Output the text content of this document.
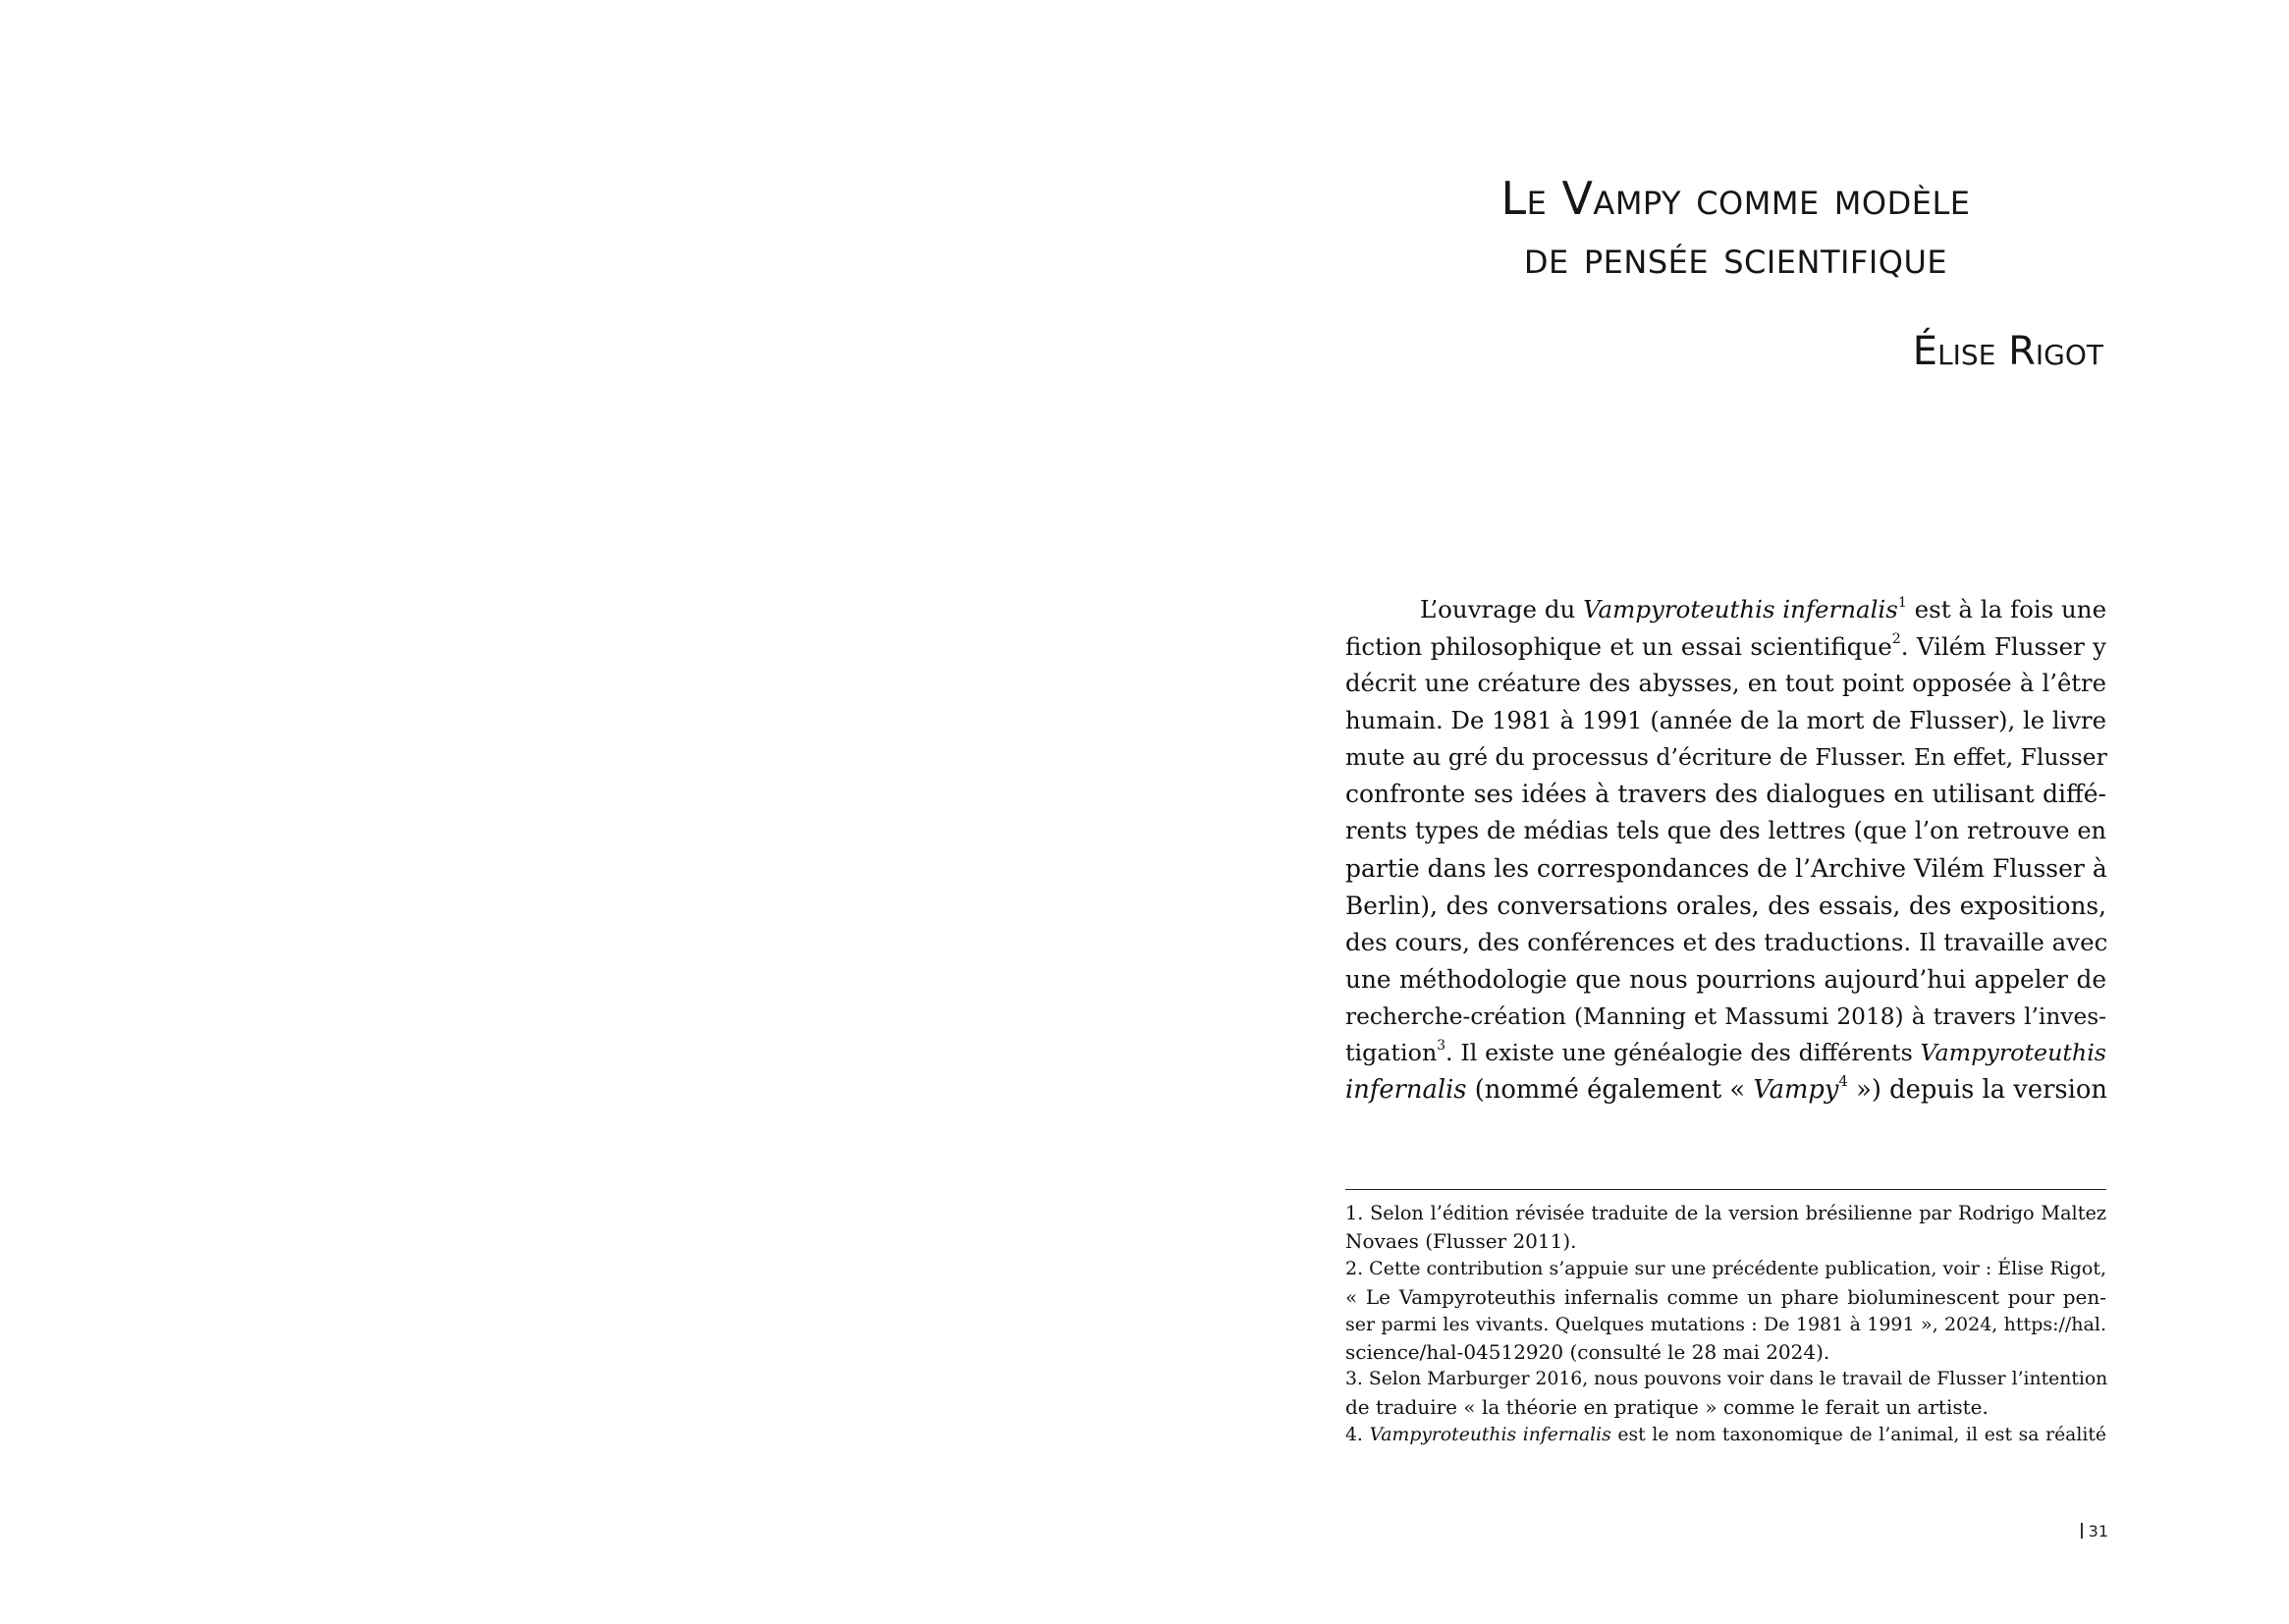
Le Vampy comme modèle
de pensée scientifique
Élise Rigot
L’ouvrage du Vampyroteuthis infernalis$^1$ est à la fois une
fiction philosophique et un essai scientifique$^2$. Vilém Flusser y
décrit une créature des abysses, en tout point opposée à l’être
humain. De 1981 à 1991 (année de la mort de Flusser), le livre
mute au gré du processus d’écriture de Flusser. En effet, Flusser
confronte ses idées à travers des dialogues en utilisant diffé-
rents types de médias tels que des lettres (que l’on retrouve en
partie dans les correspondances de l’Archive Vilém Flusser à
Berlin), des conversations orales, des essais, des expositions,
des cours, des conférences et des traductions. Il travaille avec
une méthodologie que nous pourrions aujourd’hui appeler de
recherche-création (Manning et Massumi 2018) à travers l’inves-
tigation$^3$. Il existe une généalogie des différents Vampyroteuthis
infernalis (nommé également « Vampy$^4$ ») depuis la version
1. Selon l’édition révisée traduite de la version brésilienne par Rodrigo Maltez
Novaes (Flusser 2011).
2. Cette contribution s’appuie sur une précédente publication, voir : Élise Rigot,
« Le Vampyroteuthis infernalis comme un phare bioluminescent pour pen-
ser parmi les vivants. Quelques mutations : De 1981 à 1991 », 2024, https://hal.
science/hal-04512920 (consulté le 28 mai 2024).
3. Selon Marburger 2016, nous pouvons voir dans le travail de Flusser l’intention
de traduire « la théorie en pratique » comme le ferait un artiste.
4. Vampyroteuthis infernalis est le nom taxonomique de l’animal, il est sa réalité
31
